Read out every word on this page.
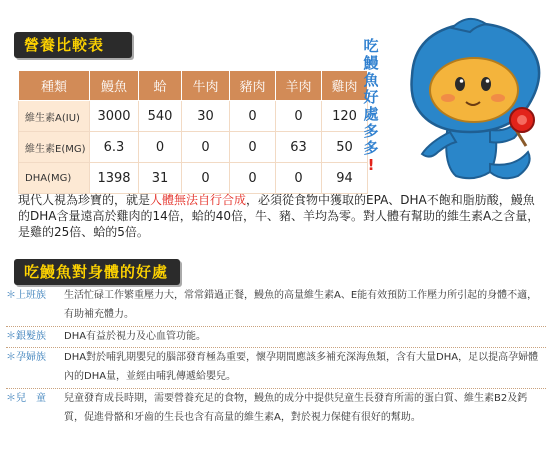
營養比較表
種類	鰻魚	蛤	牛肉	豬肉	羊肉	雞肉
維生素A(IU)	3000	540	30	0	0	120
維生素E(MG)	6.3	0	0	0	63	50
DHA(MG)	1398	31	0	0	0	94
吃
鰻
魚
好
處
多
多
!
現代人視為珍寶的，就是人體無法自行合成，必須從食物中獲取的EPA、DHA不飽和脂肪酸，鰻魚的DHA含量遠高於雞肉的14倍，蛤的40倍，牛、豬、羊均為零。對人體有幫助的維生素A之含量，是雞的25倍、蛤的5倍。
吃鰻魚對身體的好處
＊上班族	生活忙碌工作繁重壓力大，常常錯過正餐，鰻魚的高量維生素A、E能有效預防工作壓力所引起的身體不適，有助補充體力。
＊銀髮族	DHA有益於視力及心血管功能。
＊孕婦族	DHA對於哺乳期嬰兒的腦部發育極為重要，懷孕期間應該多補充深海魚類，含有大量DHA，足以提高孕婦體內的DHA量，並經由哺乳傳遞給嬰兒。
＊兒　童	兒童發育成長時期，需要營養充足的食物，鰻魚的成分中提供兒童生長發育所需的蛋白質、維生素B2及鈣質，促進骨骼和牙齒的生長也含有高量的維生素A，對於視力保健有很好的幫助。
